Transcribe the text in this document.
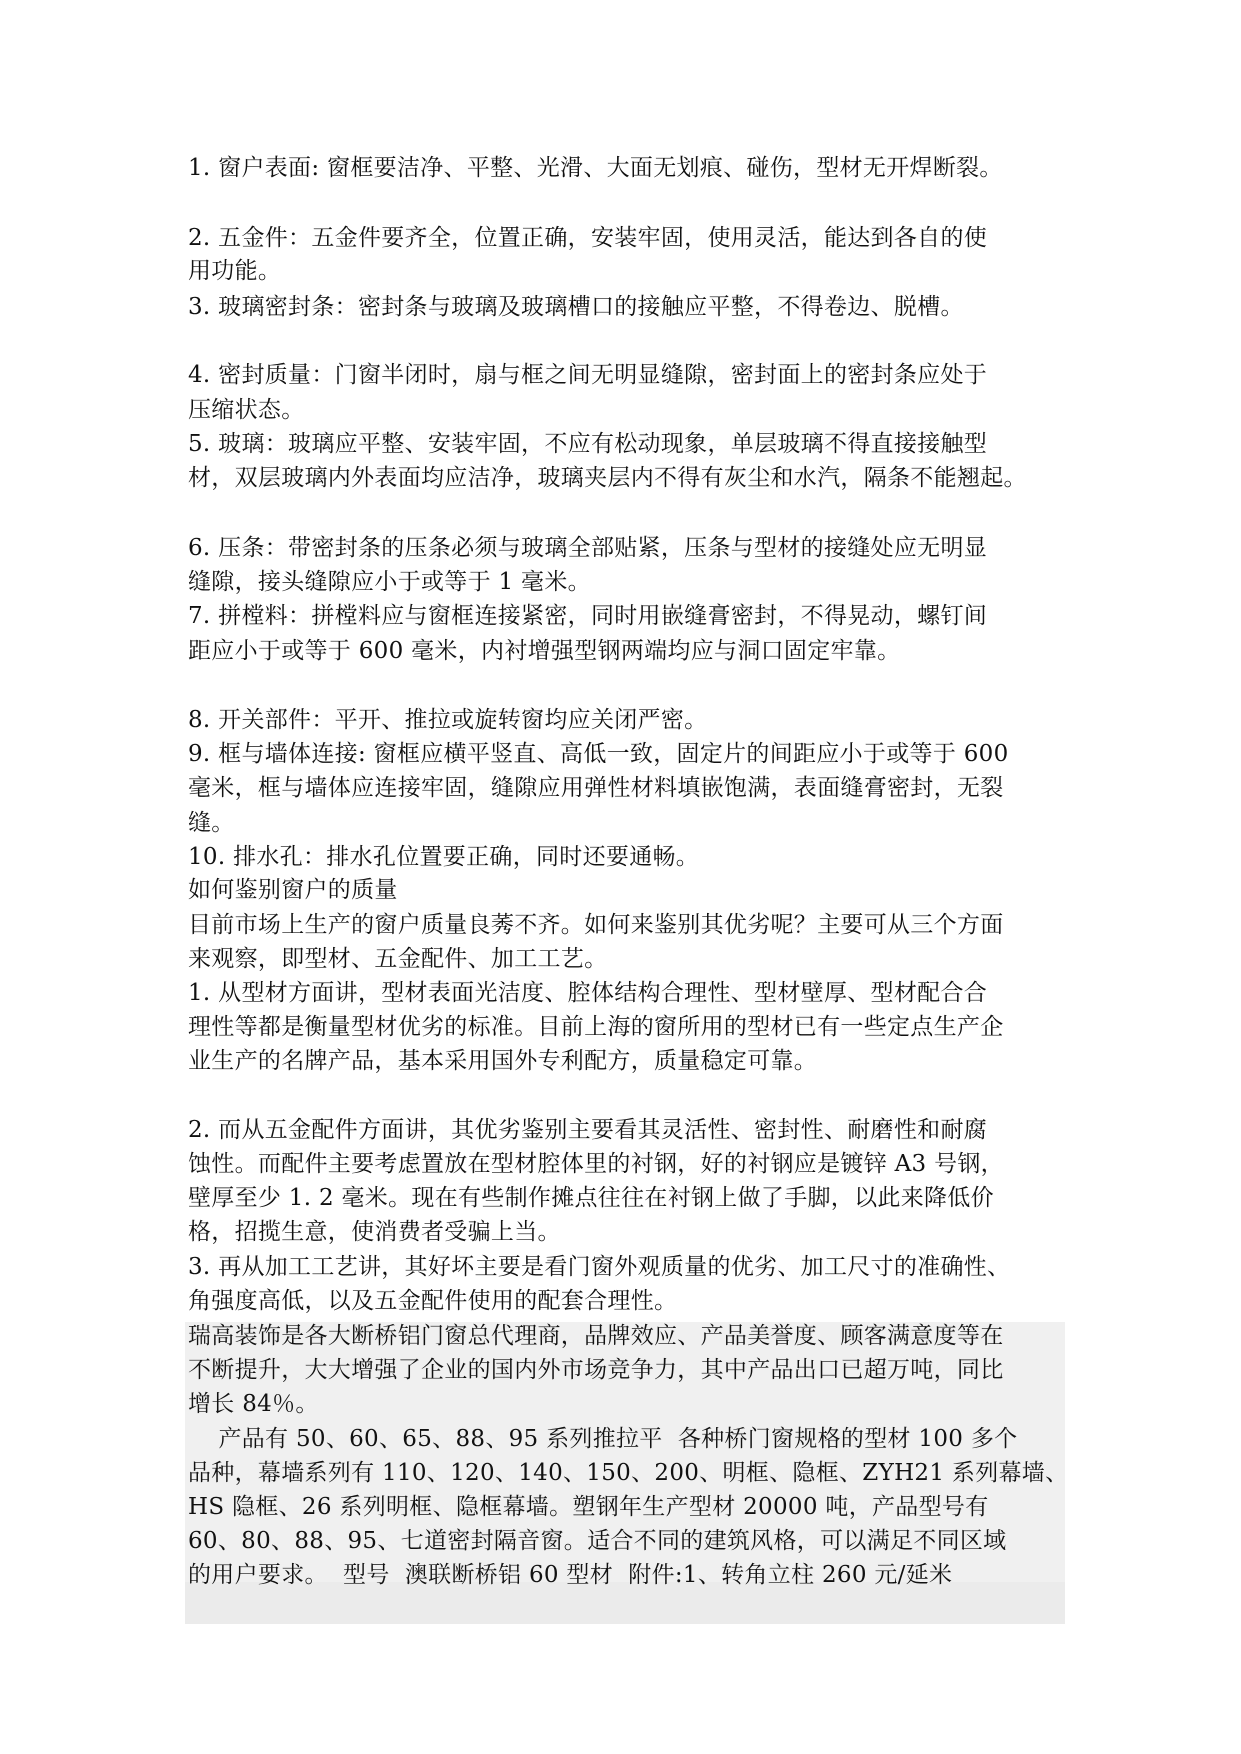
1. 窗户表面: 窗框要洁净、平整、光滑、大面无划痕、碰伤，型材无开焊断裂。
2. 五金件：五金件要齐全，位置正确，安装牢固，使用灵活，能达到各自的使
用功能。
3. 玻璃密封条：密封条与玻璃及玻璃槽口的接触应平整，不得卷边、脱槽。
4. 密封质量：门窗半闭时，扇与框之间无明显缝隙，密封面上的密封条应处于
压缩状态。
5. 玻璃：玻璃应平整、安装牢固，不应有松动现象，单层玻璃不得直接接触型
材，双层玻璃内外表面均应洁净，玻璃夹层内不得有灰尘和水汽，隔条不能翘起。
6. 压条：带密封条的压条必须与玻璃全部贴紧，压条与型材的接缝处应无明显
缝隙，接头缝隙应小于或等于 1 毫米。
7. 拼樘料：拼樘料应与窗框连接紧密，同时用嵌缝膏密封，不得晃动，螺钉间
距应小于或等于 600 毫米，内衬增强型钢两端均应与洞口固定牢靠。
8. 开关部件：平开、推拉或旋转窗均应关闭严密。
9. 框与墙体连接: 窗框应横平竖直、高低一致，固定片的间距应小于或等于 600
毫米，框与墙体应连接牢固，缝隙应用弹性材料填嵌饱满，表面缝膏密封，无裂
缝。
10. 排水孔：排水孔位置要正确，同时还要通畅。
如何鉴别窗户的质量
目前市场上生产的窗户质量良莠不齐。如何来鉴别其优劣呢？主要可从三个方面
来观察，即型材、五金配件、加工工艺。
1. 从型材方面讲，型材表面光洁度、腔体结构合理性、型材壁厚、型材配合合
理性等都是衡量型材优劣的标准。目前上海的窗所用的型材已有一些定点生产企
业生产的名牌产品，基本采用国外专利配方，质量稳定可靠。
2. 而从五金配件方面讲，其优劣鉴别主要看其灵活性、密封性、耐磨性和耐腐
蚀性。而配件主要考虑置放在型材腔体里的衬钢，好的衬钢应是镀锌 A3 号钢，
壁厚至少 1. 2 毫米。现在有些制作摊点往往在衬钢上做了手脚，以此来降低价
格，招揽生意，使消费者受骗上当。
3. 再从加工工艺讲，其好坏主要是看门窗外观质量的优劣、加工尺寸的准确性、
角强度高低，以及五金配件使用的配套合理性。
瑞高装饰是各大断桥铝门窗总代理商，品牌效应、产品美誉度、顾客满意度等在
不断提升，大大增强了企业的国内外市场竞争力，其中产品出口已超万吨，同比
增长 84％。
产品有 50、60、65、88、95 系列推拉平  各种桥门窗规格的型材 100 多个
品种，幕墙系列有 110、120、140、150、200、明框、隐框、ZYH21 系列幕墙、
HS 隐框、26 系列明框、隐框幕墙。塑钢年生产型材 20000 吨，产品型号有
60、80、88、95、七道密封隔音窗。适合不同的建筑风格，可以满足不同区域
的用户要求。  型号  澳联断桥铝 60 型材  附件:1、转角立柱 260 元/延米
